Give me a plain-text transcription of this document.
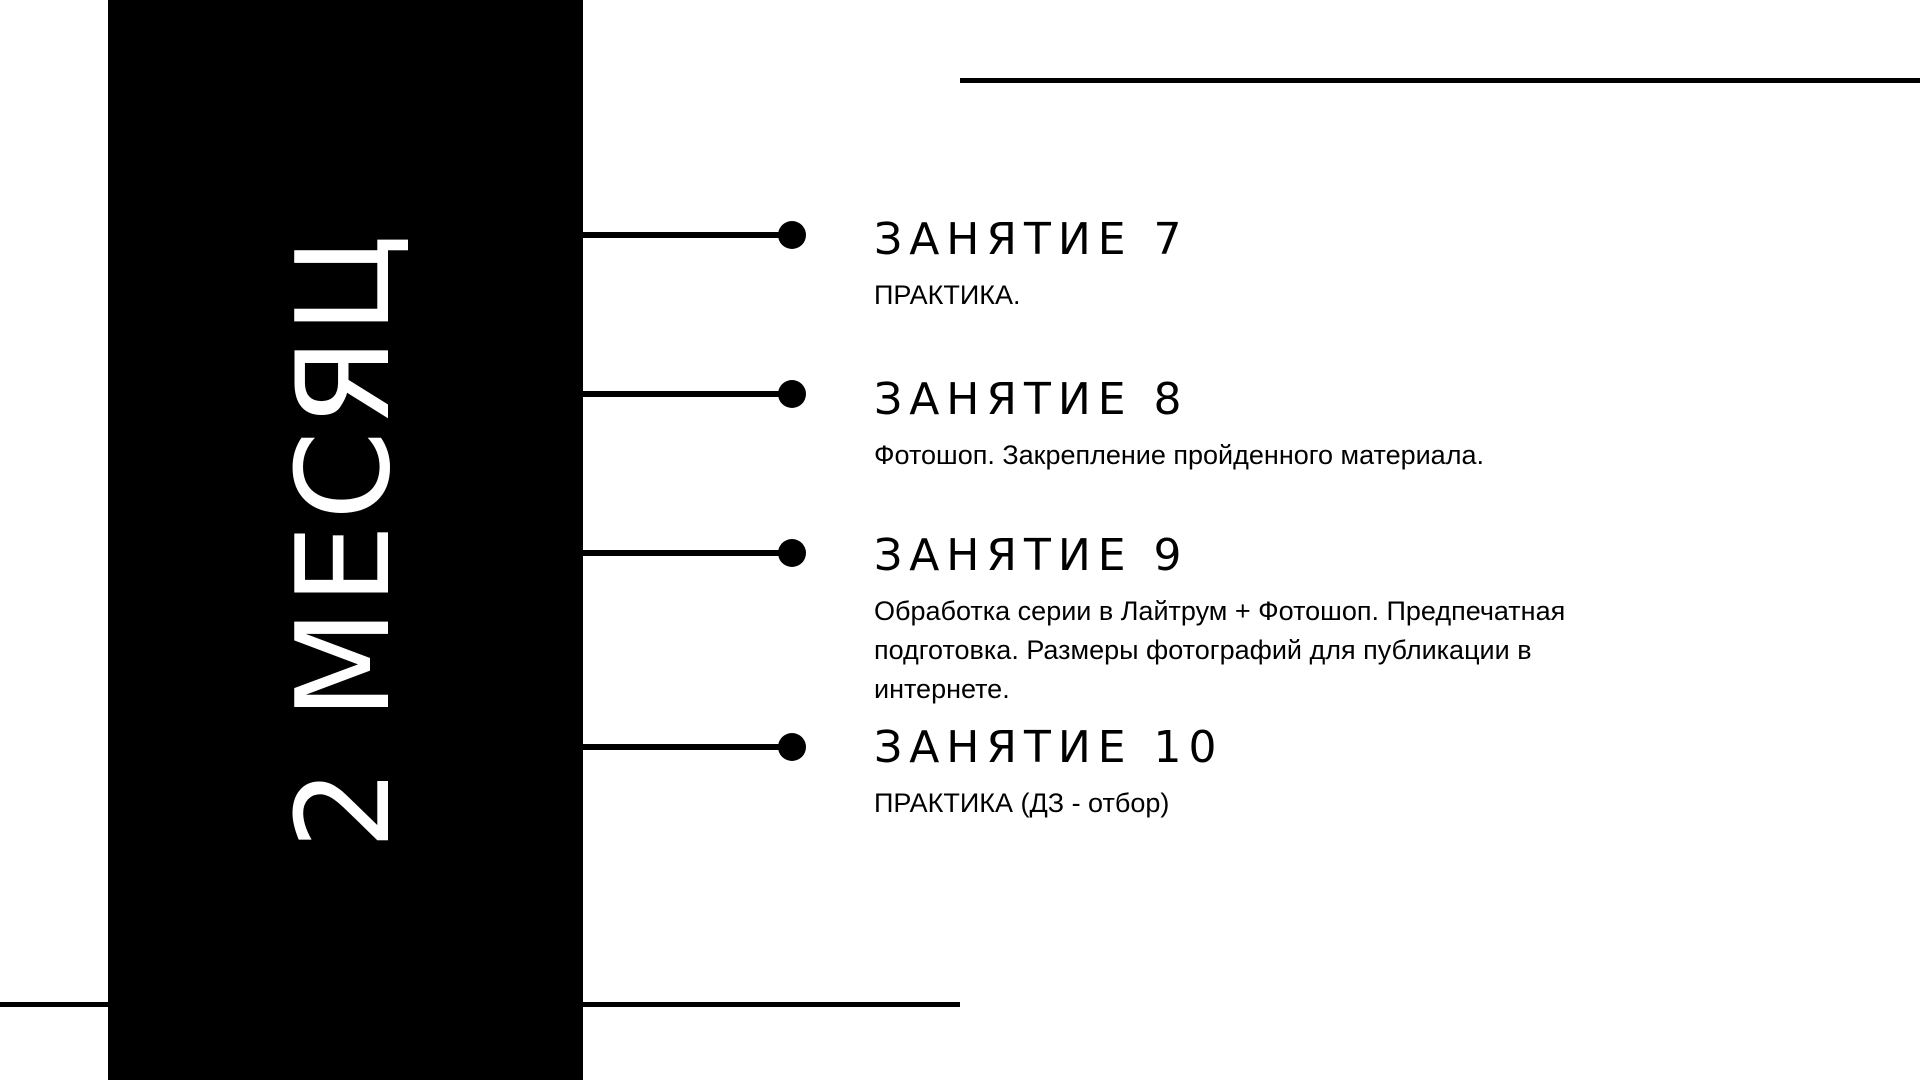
2 МЕСЯЦ	ЗАНЯТИЕ 7
ПРАКТИКА.
ЗАНЯТИЕ 8
Фотошоп. Закрепление пройденного материала.
ЗАНЯТИЕ 9
Обработка серии в Лайтрум + Фотошоп. Предпечатная подготовка. Размеры фотографий для публикации в интернете.
ЗАНЯТИЕ 10
ПРАКТИКА (ДЗ - отбор)
